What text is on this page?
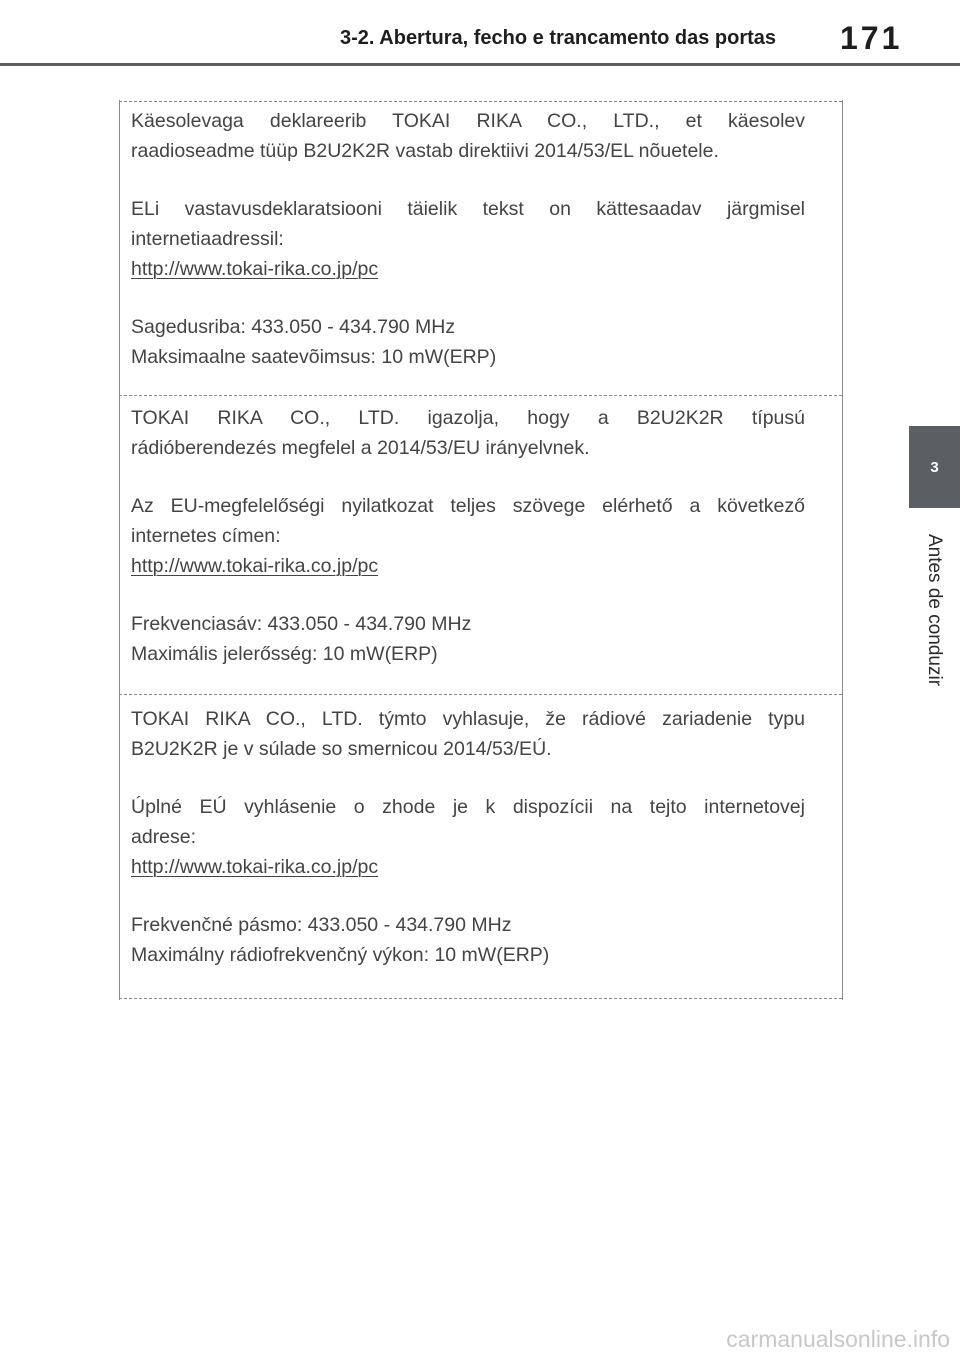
3-2. Abertura, fecho e trancamento das portas 171
3
Antes de conduzir

Käesolevaga deklareerib TOKAI RIKA CO., LTD., et käesolev
raadioseadme tüüp B2U2K2R vastab direktiivi 2014/53/EL nõuetele.

ELi vastavusdeklaratsiooni täielik tekst on kättesaadav järgmisel
internetiaadressil:
http://www.tokai-rika.co.jp/pc

Sagedusriba: 433.050 - 434.790 MHz
Maksimaalne saatevõimsus: 10 mW(ERP)

TOKAI RIKA CO., LTD. igazolja, hogy a B2U2K2R típusú
rádióberendezés megfelel a 2014/53/EU irányelvnek.

Az EU-megfelelőségi nyilatkozat teljes szövege elérhető a következő
internetes címen:
http://www.tokai-rika.co.jp/pc

Frekvenciasáv: 433.050 - 434.790 MHz
Maximális jelerősség: 10 mW(ERP)

TOKAI RIKA CO., LTD. týmto vyhlasuje, že rádiové zariadenie typu
B2U2K2R je v súlade so smernicou 2014/53/EÚ.

Úplné EÚ vyhlásenie o zhode je k dispozícii na tejto internetovej
adrese:
http://www.tokai-rika.co.jp/pc

Frekvenčné pásmo: 433.050 - 434.790 MHz
Maximálny rádiofrekvenčný výkon: 10 mW(ERP)

carmanualsonline.info
